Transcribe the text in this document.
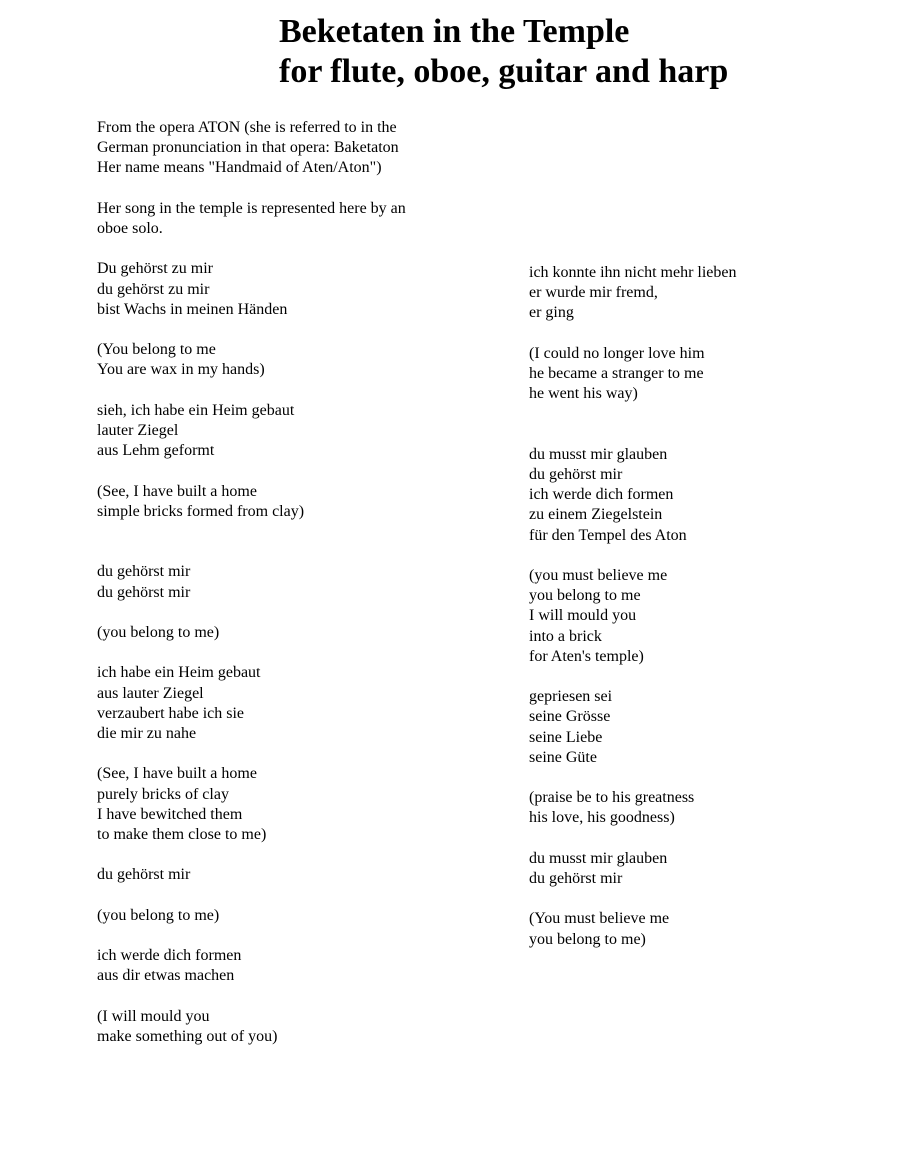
Beketaten in the Temple
for flute, oboe, guitar and harp
From the opera ATON (she is referred to in the
German pronunciation in that opera: Baketaton
Her name means "Handmaid of Aten/Aton")
Her song in the temple is represented here by an
oboe solo.
Du gehörst zu mir
du gehörst zu mir
bist Wachs in meinen Händen
(You belong to me
You are wax in my hands)
sieh, ich habe ein Heim gebaut
lauter Ziegel
aus Lehm geformt
(See, I have built a home
simple bricks formed from clay)
du gehörst mir
du gehörst mir
(you belong to me)
ich habe ein Heim gebaut
aus lauter Ziegel
verzaubert habe ich sie
die mir zu nahe
(See, I have built a home
purely bricks of clay
I have bewitched them
to make them close to me)
du gehörst mir
(you belong to me)
ich werde dich formen
aus dir etwas machen
(I will mould you
make something out of you)
ich konnte ihn nicht mehr lieben
er wurde mir fremd,
er ging
(I could no longer love him
he became a stranger to me
he went his way)
du musst mir glauben
du gehörst mir
ich werde dich formen
zu einem Ziegelstein
für den Tempel des Aton
(you must believe me
you belong to me
I will mould you
into a brick
for Aten's temple)
gepriesen sei
seine Grösse
seine Liebe
seine Güte
(praise be to his greatness
his love, his goodness)
du musst mir glauben
du gehörst mir
(You must believe me
you belong to me)
